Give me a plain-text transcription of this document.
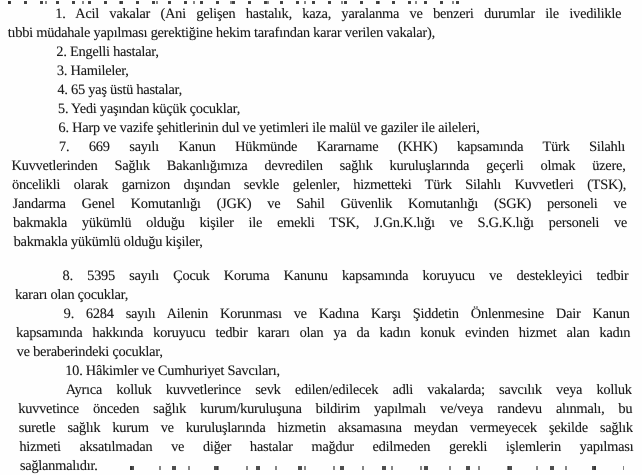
1. Acil vakalar (Ani gelişen hastalık, kaza, yaralanma ve benzeri durumlar ile ivedilikle
tıbbi müdahale yapılması gerektiğine hekim tarafından karar verilen vakalar),
2. Engelli hastalar,
3. Hamileler,
4. 65 yaş üstü hastalar,
5. Yedi yaşından küçük çocuklar,
6. Harp ve vazife şehitlerinin dul ve yetimleri ile malül ve gaziler ile aileleri,
7. 669 sayılı Kanun Hükmünde Kararname (KHK) kapsamında Türk Silahlı
Kuvvetlerinden Sağlık Bakanlığımıza devredilen sağlık kuruluşlarında geçerli olmak üzere,
öncelikli olarak garnizon dışından sevkle gelenler, hizmetteki Türk Silahlı Kuvvetleri (TSK),
Jandarma Genel Komutanlığı (JGK) ve Sahil Güvenlik Komutanlığı (SGK) personeli ve
bakmakla yükümlü olduğu kişiler ile emekli TSK, J.Gn.K.lığı ve S.G.K.lığı personeli ve
bakmakla yükümlü olduğu kişiler,
8. 5395 sayılı Çocuk Koruma Kanunu kapsamında koruyucu ve destekleyici tedbir
kararı olan çocuklar,
9. 6284 sayılı Ailenin Korunması ve Kadına Karşı Şiddetin Önlenmesine Dair Kanun
kapsamında hakkında koruyucu tedbir kararı olan ya da kadın konuk evinden hizmet alan kadın
ve beraberindeki çocuklar,
10. Hâkimler ve Cumhuriyet Savcıları,
Ayrıca kolluk kuvvetlerince sevk edilen/edilecek adli vakalarda; savcılık veya kolluk
kuvvetince önceden sağlık kurum/kuruluşuna bildirim yapılmalı ve/veya randevu alınmalı, bu
suretle sağlık kurum ve kuruluşlarında hizmetin aksamasına meydan vermeyecek şekilde sağlık
hizmeti aksatılmadan ve diğer hastalar mağdur edilmeden gerekli işlemlerin yapılması
sağlanmalıdır.
